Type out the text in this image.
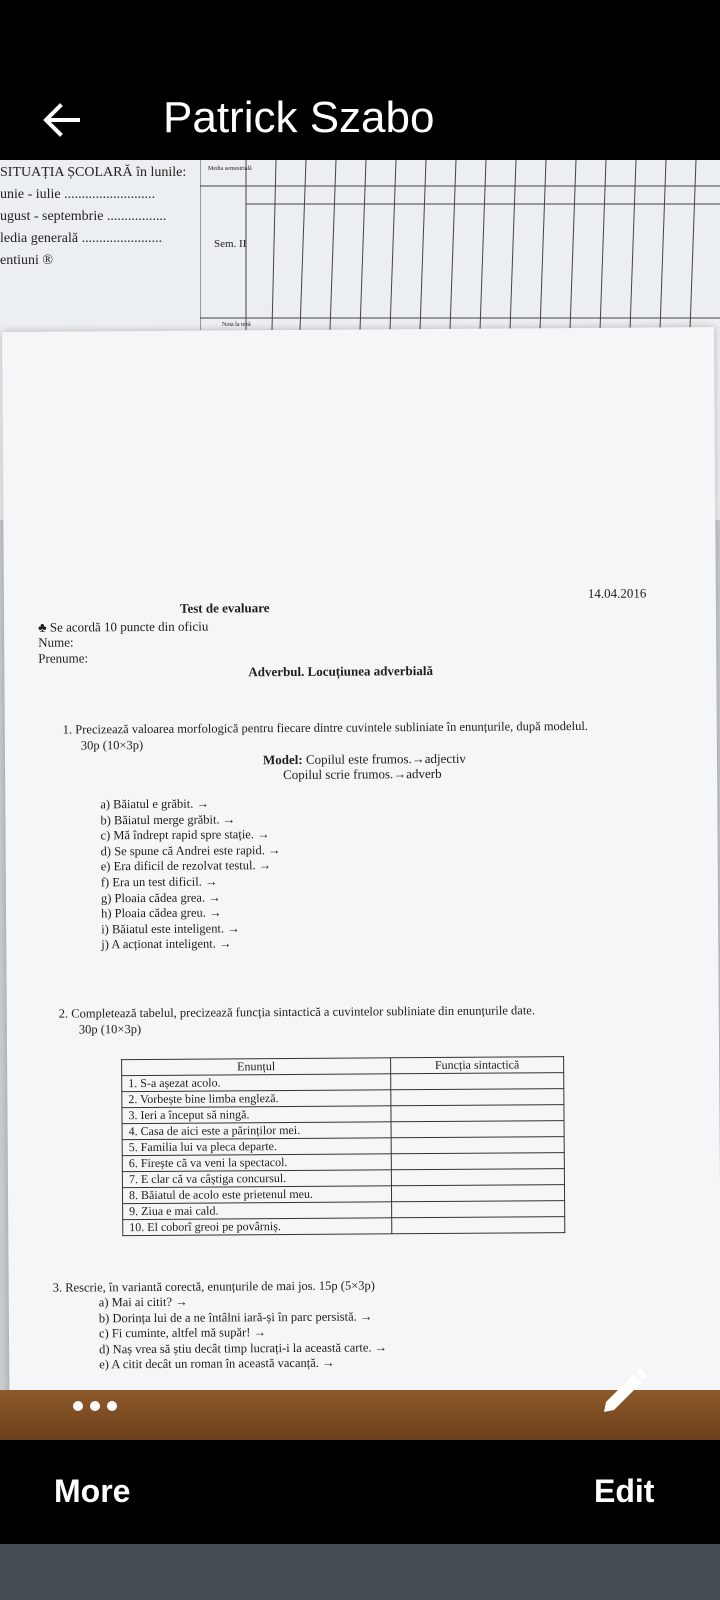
Patrick Szabo
SITUAȚIA ȘCOLARĂ în lunile:
unie - iulie ..........................
ugust - septembrie .................
ledia generală .......................
entiuni ®
Media semestrială
Sem. II
Nota la teză
Test de evaluare
14.04.2016
♣ Se acordă 10 puncte din oficiu
Nume:
Prenume:
Adverbul. Locuțiunea adverbială
1. Precizează valoarea morfologică pentru fiecare dintre cuvintele subliniate în enunțurile, după modelul.
30p (10×3p)
Model: Copilul este frumos.→adjectiv
Copilul scrie frumos.→adverb
a) Băiatul e grăbit. →
b) Băiatul merge grăbit. →
c) Mă îndrept rapid spre stație. →
d) Se spune că Andrei este rapid. →
e) Era dificil de rezolvat testul. →
f) Era un test dificil. →
g) Ploaia cădea grea. →
h) Ploaia cădea greu. →
i) Băiatul este inteligent. →
j) A acționat inteligent. →
2. Completează tabelul, precizează funcția sintactică a cuvintelor subliniate din enunțurile date.
30p (10×3p)
Enunțul	Funcția sintactică
1. S-a așezat acolo.	
2. Vorbește bine limba engleză.	
3. Ieri a început să ningă.	
4. Casa de aici este a părinților mei.	
5. Familia lui va pleca departe.	
6. Firește că va veni la spectacol.	
7. E clar că va câștiga concursul.	
8. Băiatul de acolo este prietenul meu.	
9. Ziua e mai cald.	
10. El coborî greoi pe povârniș.	
3. Rescrie, în variantă corectă, enunțurile de mai jos. 15p (5×3p)
a) Mai ai citit? →
b) Dorința lui de a ne întâlni iară-și în parc persistă. →
c) Fi cuminte, altfel mă supăr! →
d) Naș vrea să știu decât timp lucrați-i la această carte. →
e) A citit decât un roman în această vacanță. →
More	Edit
